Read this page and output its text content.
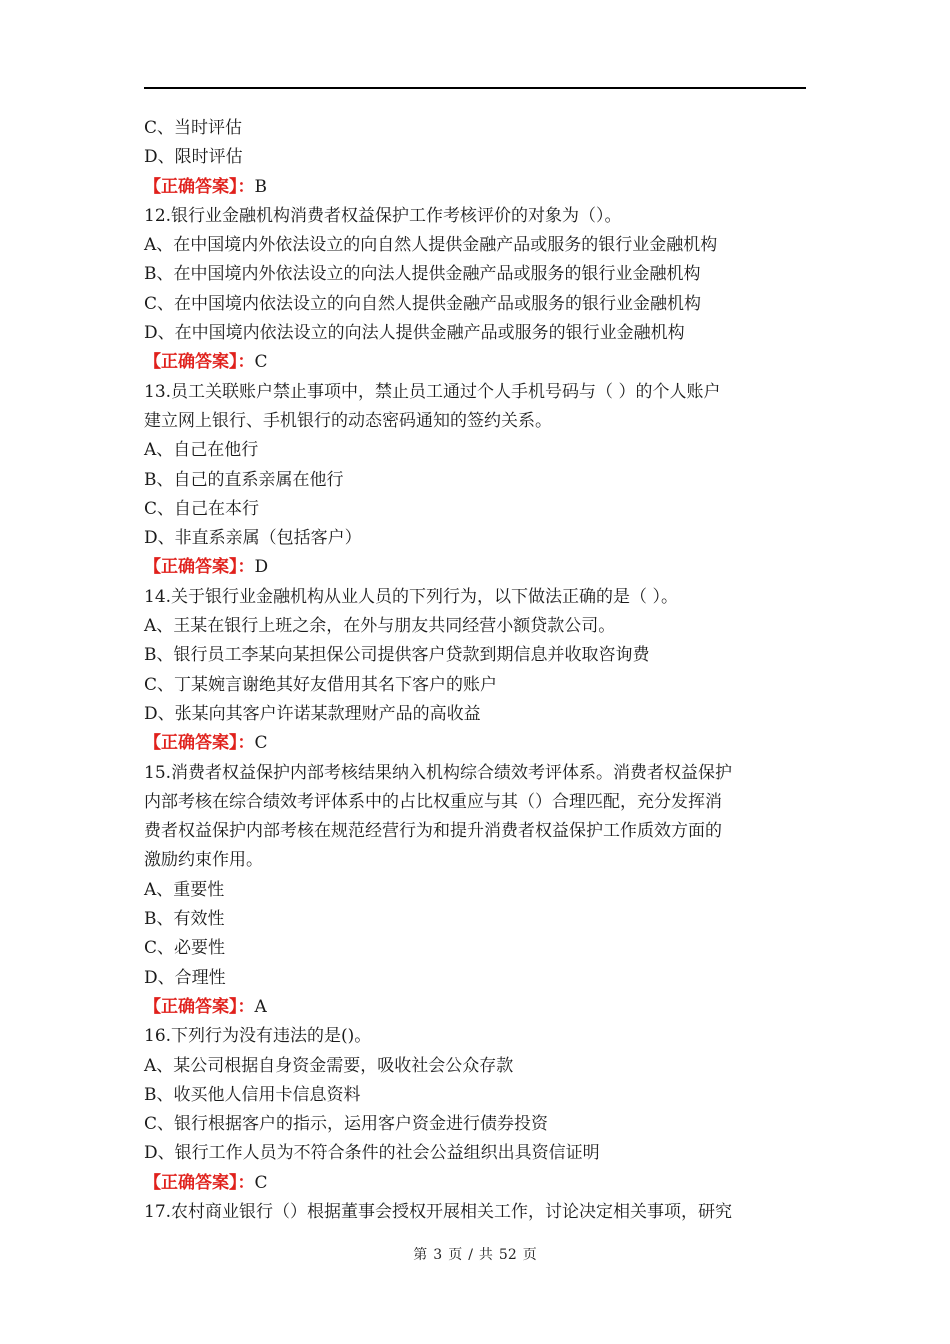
C、当时评估
D、限时评估
【正确答案】：B
12.银行业金融机构消费者权益保护工作考核评价的对象为（）。
A、在中国境内外依法设立的向自然人提供金融产品或服务的银行业金融机构
B、在中国境内外依法设立的向法人提供金融产品或服务的银行业金融机构
C、在中国境内依法设立的向自然人提供金融产品或服务的银行业金融机构
D、在中国境内依法设立的向法人提供金融产品或服务的银行业金融机构
【正确答案】：C
13.员工关联账户禁止事项中，禁止员工通过个人手机号码与（ ）的个人账户
建立网上银行、手机银行的动态密码通知的签约关系。
A、自己在他行
B、自己的直系亲属在他行
C、自己在本行
D、非直系亲属（包括客户）
【正确答案】：D
14.关于银行业金融机构从业人员的下列行为，以下做法正确的是（ ）。
A、王某在银行上班之余，在外与朋友共同经营小额贷款公司。
B、银行员工李某向某担保公司提供客户贷款到期信息并收取咨询费
C、丁某婉言谢绝其好友借用其名下客户的账户
D、张某向其客户许诺某款理财产品的高收益
【正确答案】：C
15.消费者权益保护内部考核结果纳入机构综合绩效考评体系。消费者权益保护
内部考核在综合绩效考评体系中的占比权重应与其（）合理匹配，充分发挥消
费者权益保护内部考核在规范经营行为和提升消费者权益保护工作质效方面的
激励约束作用。
A、重要性
B、有效性
C、必要性
D、合理性
【正确答案】：A
16.下列行为没有违法的是()。
A、某公司根据自身资金需要，吸收社会公众存款
B、收买他人信用卡信息资料
C、银行根据客户的指示，运用客户资金进行债券投资
D、银行工作人员为不符合条件的社会公益组织出具资信证明
【正确答案】：C
17.农村商业银行（）根据董事会授权开展相关工作，讨论决定相关事项，研究
第 3 页 / 共 52 页
